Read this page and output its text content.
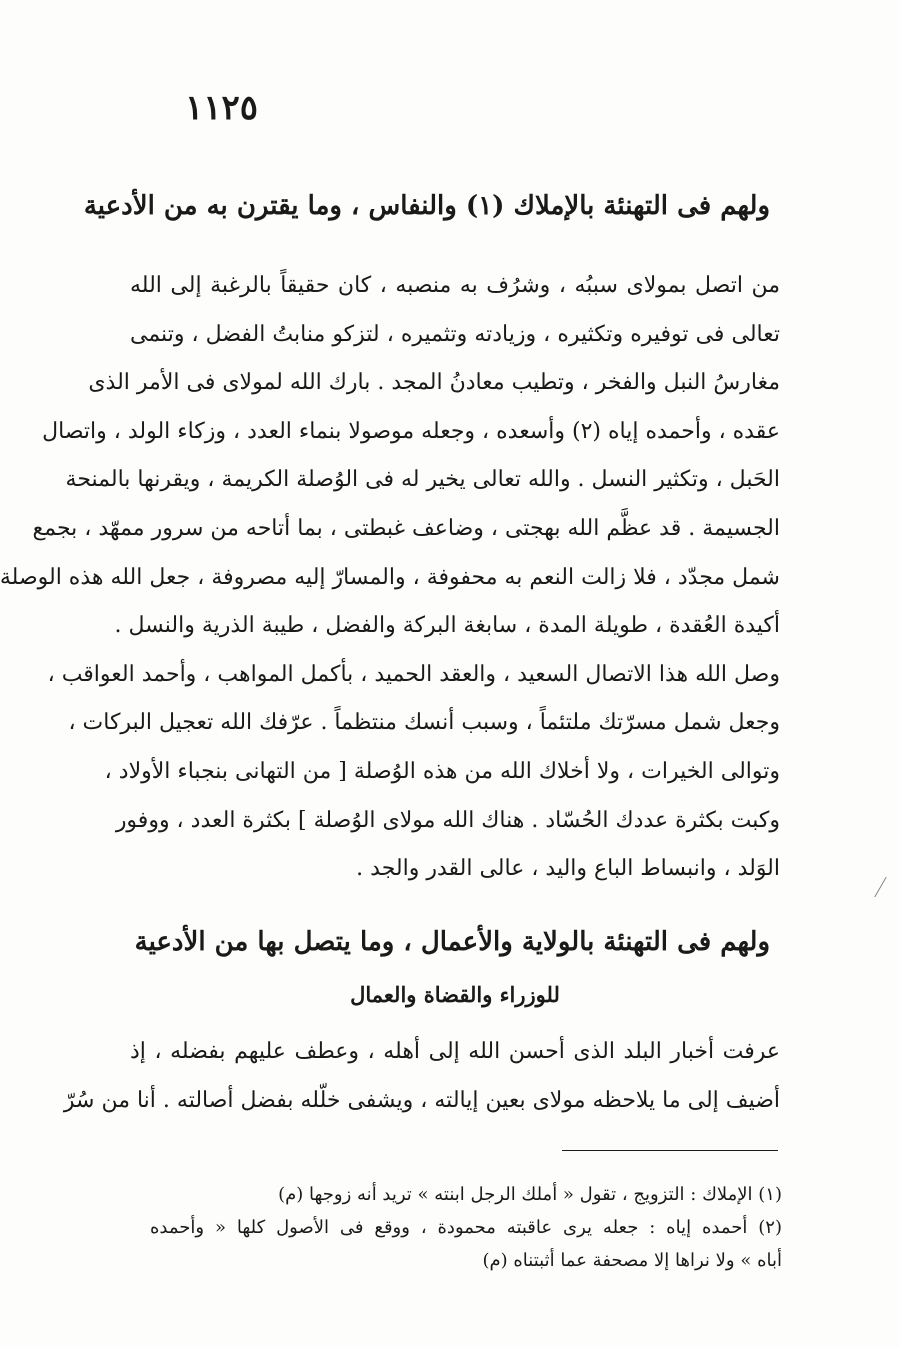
١١٢٥
ولهم فى التهنئة بالإملاك (١) والنفاس ، وما يقترن به من الأدعية
من اتصل بمولاى سببُه ، وشرُف به منصبه ، كان حقيقاً بالرغبة إلى الله
تعالى فى توفيره وتكثيره ، وزيادته وتثميره ، لتزكو منابتُ الفضل ، وتنمى
مغارسُ النبل والفخر ، وتطيب معادنُ المجد . بارك الله لمولاى فى الأمر الذى
عقده ، وأحمده إياه (٢) وأسعده ، وجعله موصولا بنماء العدد ، وزكاء الولد ، واتصال
الحَبل ، وتكثير النسل . والله تعالى يخير له فى الوُصلة الكريمة ، ويقرنها بالمنحة
الجسيمة . قد عظَّم الله بهجتى ، وضاعف غبطتى ، بما أتاحه من سرور ممهّد ، بجمع
شمل مجدّد ، فلا زالت النعم به محفوفة ، والمسارّ إليه مصروفة ، جعل الله هذه الوصلة
أكيدة العُقدة ، طويلة المدة ، سابغة البركة والفضل ، طيبة الذرية والنسل .
وصل الله هذا الاتصال السعيد ، والعقد الحميد ، بأكمل المواهب ، وأحمد العواقب ،
وجعل شمل مسرّتك ملتئماً ، وسبب أنسك منتظماً . عرّفك الله تعجيل البركات ،
وتوالى الخيرات ، ولا أخلاك الله من هذه الوُصلة [ من التهانى بنجباء الأولاد ،
وكبت بكثرة عددك الحُسّاد . هناك الله مولاى الوُصلة ] بكثرة العدد ، ووفور
الوَلد ، وانبساط الباع واليد ، عالى القدر والجد .
ولهم فى التهنئة بالولاية والأعمال ، وما يتصل بها من الأدعية
للوزراء والقضاة والعمال
عرفت أخبار البلد الذى أحسن الله إلى أهله ، وعطف عليهم بفضله ، إذ
أضيف إلى ما يلاحظه مولاى بعين إيالته ، ويشفى خلّله بفضل أصالته . أنا من سُرّ
(١) الإملاك : التزويج ، تقول « أملك الرجل ابنته » تريد أنه زوجها (م)
(٢) أحمده إياه : جعله يرى عاقبته محمودة ، ووقع فى الأصول كلها « وأحمده
أباه » ولا نراها إلا مصحفة عما أثبتناه (م)
